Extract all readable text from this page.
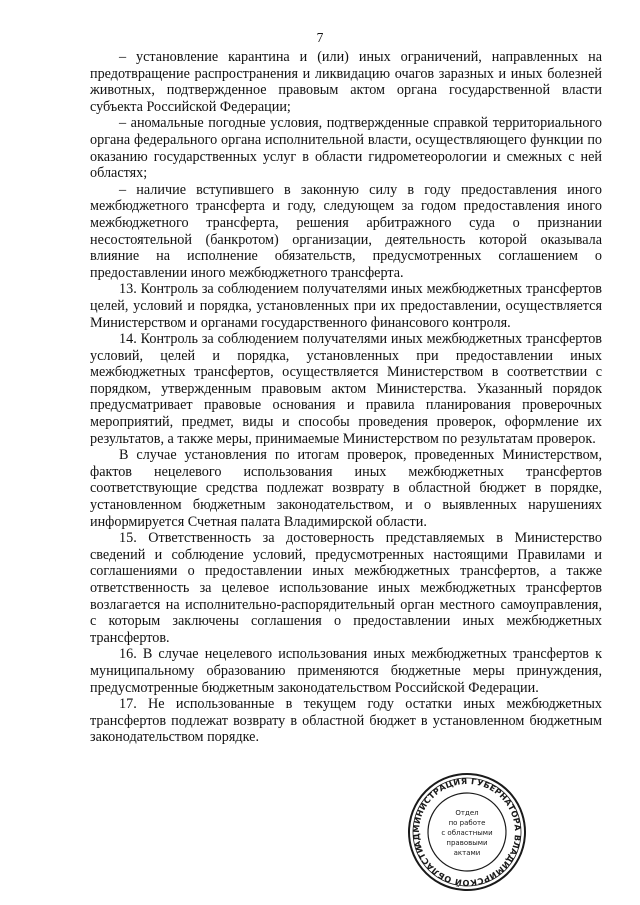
7

– установление карантина и (или) иных ограничений, направленных на предотвращение распространения и ликвидацию очагов заразных и иных болезней животных, подтвержденное правовым актом органа государственной власти субъекта Российской Федерации;

– аномальные погодные условия, подтвержденные справкой территориального органа федерального органа исполнительной власти, осуществляющего функции по оказанию государственных услуг в области гидрометеорологии и смежных с ней областях;

– наличие вступившего в законную силу в году предоставления иного межбюджетного трансферта и году, следующем за годом предоставления иного межбюджетного трансферта, решения арбитражного суда о признании несостоятельной (банкротом) организации, деятельность которой оказывала влияние на исполнение обязательств, предусмотренных соглашением о предоставлении иного межбюджетного трансферта.

13. Контроль за соблюдением получателями иных межбюджетных трансфертов целей, условий и порядка, установленных при их предоставлении, осуществляется Министерством и органами государственного финансового контроля.

14. Контроль за соблюдением получателями иных межбюджетных трансфертов условий, целей и порядка, установленных при предоставлении иных межбюджетных трансфертов, осуществляется Министерством в соответствии с порядком, утвержденным правовым актом Министерства. Указанный порядок предусматривает правовые основания и правила планирования проверочных мероприятий, предмет, виды и способы проведения проверок, оформление их результатов, а также меры, принимаемые Министерством по результатам проверок.

В случае установления по итогам проверок, проведенных Министерством, фактов нецелевого использования иных межбюджетных трансфертов соответствующие средства подлежат возврату в областной бюджет в порядке, установленном бюджетным законодательством, и о выявленных нарушениях информируется Счетная палата Владимирской области.

15. Ответственность за достоверность представляемых в Министерство сведений и соблюдение условий, предусмотренных настоящими Правилами и соглашениями о предоставлении иных межбюджетных трансфертов, а также ответственность за целевое использование иных межбюджетных трансфертов возлагается на исполнительно-распорядительный орган местного самоуправления, с которым заключены соглашения о предоставлении иных межбюджетных трансфертов.

16. В случае нецелевого использования иных межбюджетных трансфертов к муниципальному образованию применяются бюджетные меры принуждения, предусмотренные бюджетным законодательством Российской Федерации.

17. Не использованные в текущем году остатки иных межбюджетных трансфертов подлежат возврату в областной бюджет в установленном бюджетным законодательством порядке.

АДМИНИСТРАЦИЯ ГУБЕРНАТОРА ВЛАДИМИРСКОЙ ОБЛАСТИ
Отдел
по работе
с областными
правовыми
актами
